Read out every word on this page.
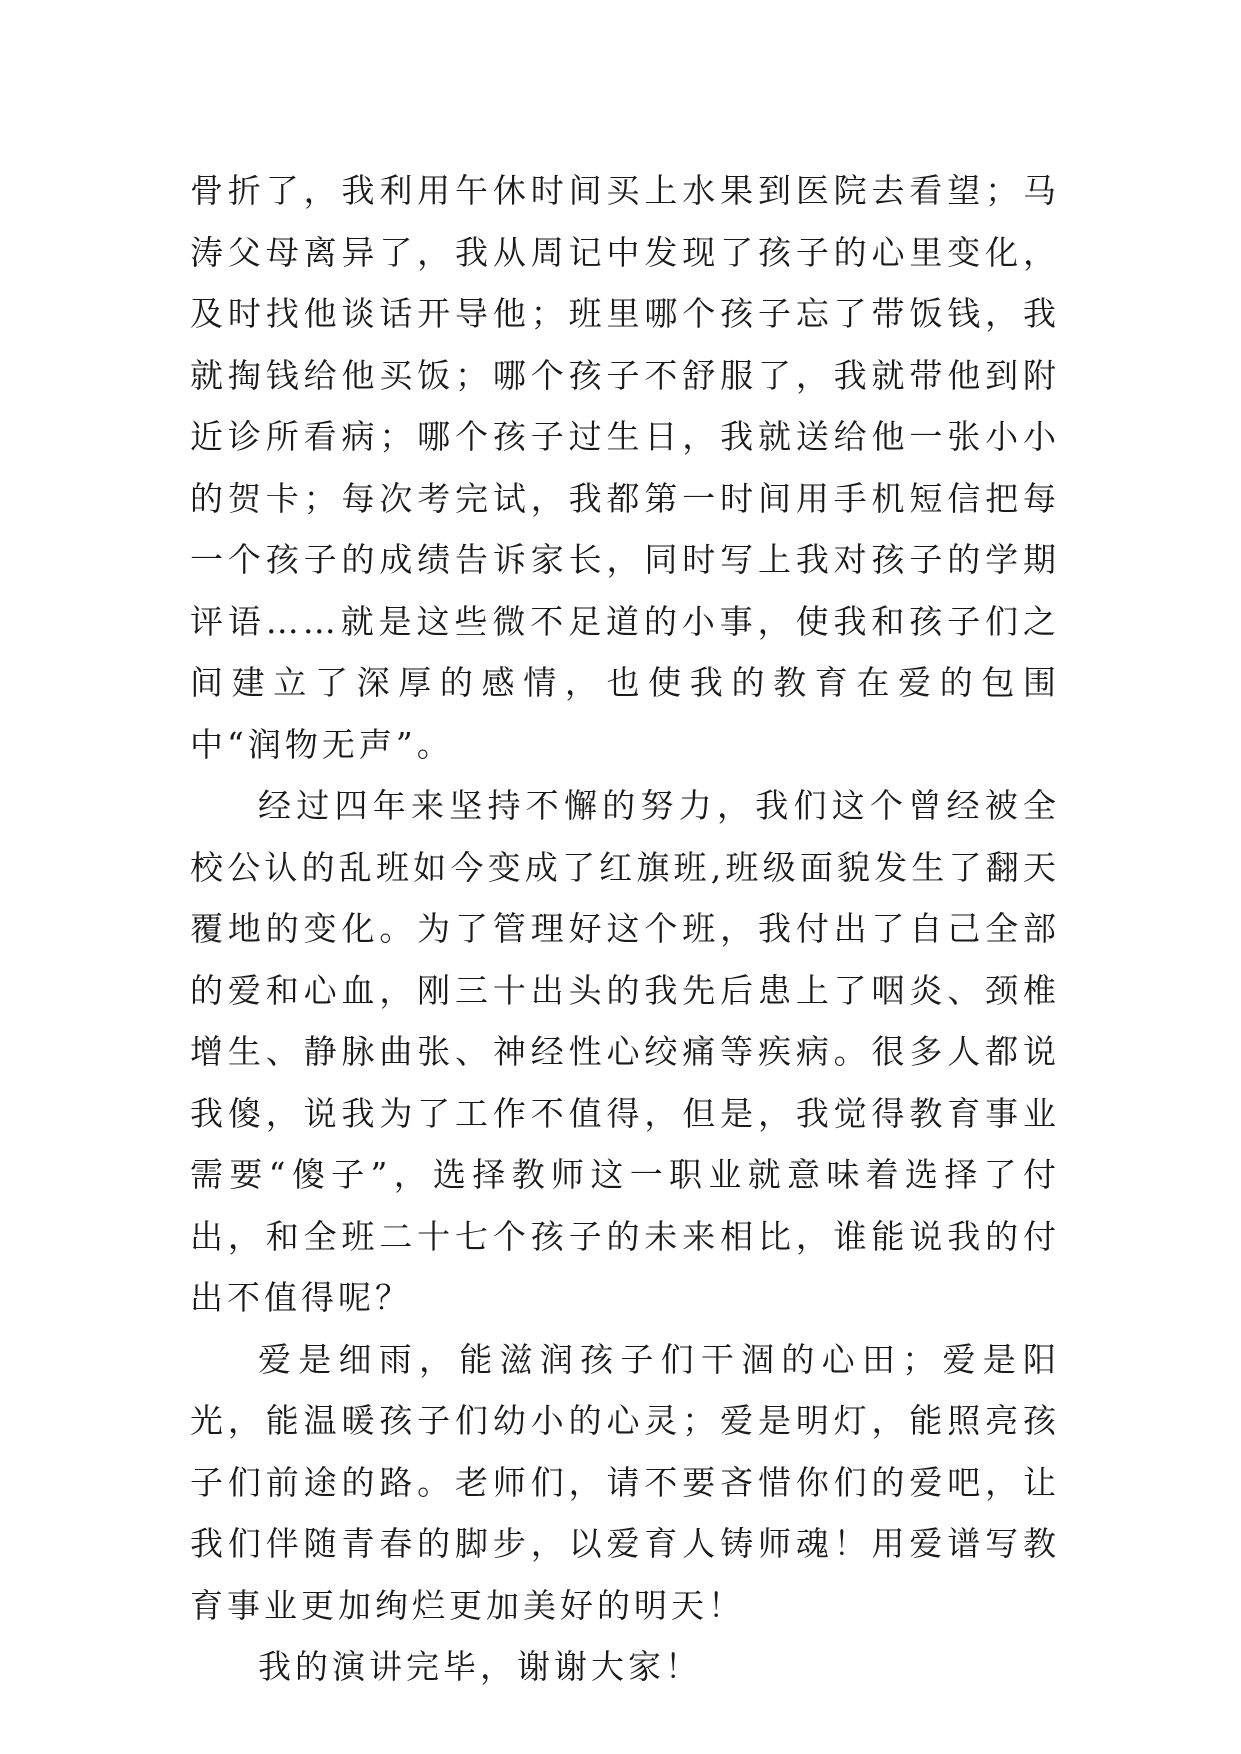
骨折了，我利用午休时间买上水果到医院去看望；马涛父母离异了，我从周记中发现了孩子的心里变化，及时找他谈话开导他；班里哪个孩子忘了带饭钱，我就掏钱给他买饭；哪个孩子不舒服了，我就带他到附近诊所看病；哪个孩子过生日，我就送给他一张小小的贺卡；每次考完试，我都第一时间用手机短信把每一个孩子的成绩告诉家长，同时写上我对孩子的学期评语……就是这些微不足道的小事，使我和孩子们之间建立了深厚的感情，也使我的教育在爱的包围中“润物无声”。

经过四年来坚持不懈的努力，我们这个曾经被全校公认的乱班如今变成了红旗班,班级面貌发生了翻天覆地的变化。为了管理好这个班，我付出了自己全部的爱和心血，刚三十出头的我先后患上了咽炎、颈椎增生、静脉曲张、神经性心绞痛等疾病。很多人都说我傻，说我为了工作不值得，但是，我觉得教育事业需要“傻子”，选择教师这一职业就意味着选择了付出，和全班二十七个孩子的未来相比，谁能说我的付出不值得呢？

爱是细雨，能滋润孩子们干涸的心田；爱是阳光，能温暖孩子们幼小的心灵；爱是明灯，能照亮孩子们前途的路。老师们，请不要吝惜你们的爱吧，让我们伴随青春的脚步，以爱育人铸师魂！用爱谱写教育事业更加绚烂更加美好的明天！

我的演讲完毕，谢谢大家！
